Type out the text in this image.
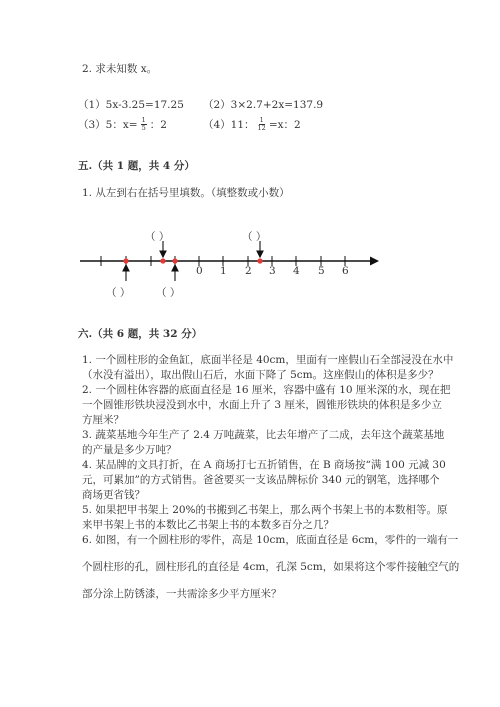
2. 求未知数 x。
（1）5x-3.25=17.25 （2）3×2.7+2x=137.9
（3）5：$x= \frac{1}{5}$ ：2	（4）11： $\frac{1}{12} =x$：2
五.（共 1 题，共 4 分）
1. 从左到右在括号里填数。（填整数或小数）
（ ）	（ ）
（ ） （ ）
0 1 2 3 4 5 6
六.（共 6 题，共 32 分）
1. 一个圆柱形的金鱼缸，底面半径是 40cm，里面有一座假山石全部浸没在水中
（水没有溢出），取出假山石后，水面下降了 5cm。这座假山的体积是多少？
2. 一个圆柱体容器的底面直径是 16 厘米，容器中盛有 10 厘米深的水，现在把
一个圆锥形铁块浸没到水中，水面上升了 3 厘米，圆锥形铁块的体积是多少立
方厘米？
3. 蔬菜基地今年生产了 2.4 万吨蔬菜，比去年增产了二成，去年这个蔬菜基地
的产量是多少万吨？
4. 某品牌的文具打折，在 A 商场打七五折销售，在 B 商场按“满 100 元减 30
元，可累加”的方式销售。爸爸要买一支该品牌标价 340 元的钢笔，选择哪个
商场更省钱？
5. 如果把甲书架上 20%的书搬到乙书架上，那么两个书架上书的本数相等。原
来甲书架上书的本数比乙书架上书的本数多百分之几？
6. 如图，有一个圆柱形的零件，高是 10cm，底面直径是 6cm，零件的一端有一
个圆柱形的孔，圆柱形孔的直径是 4cm，孔深 5cm，如果将这个零件接触空气的
部分涂上防锈漆，一共需涂多少平方厘米？
